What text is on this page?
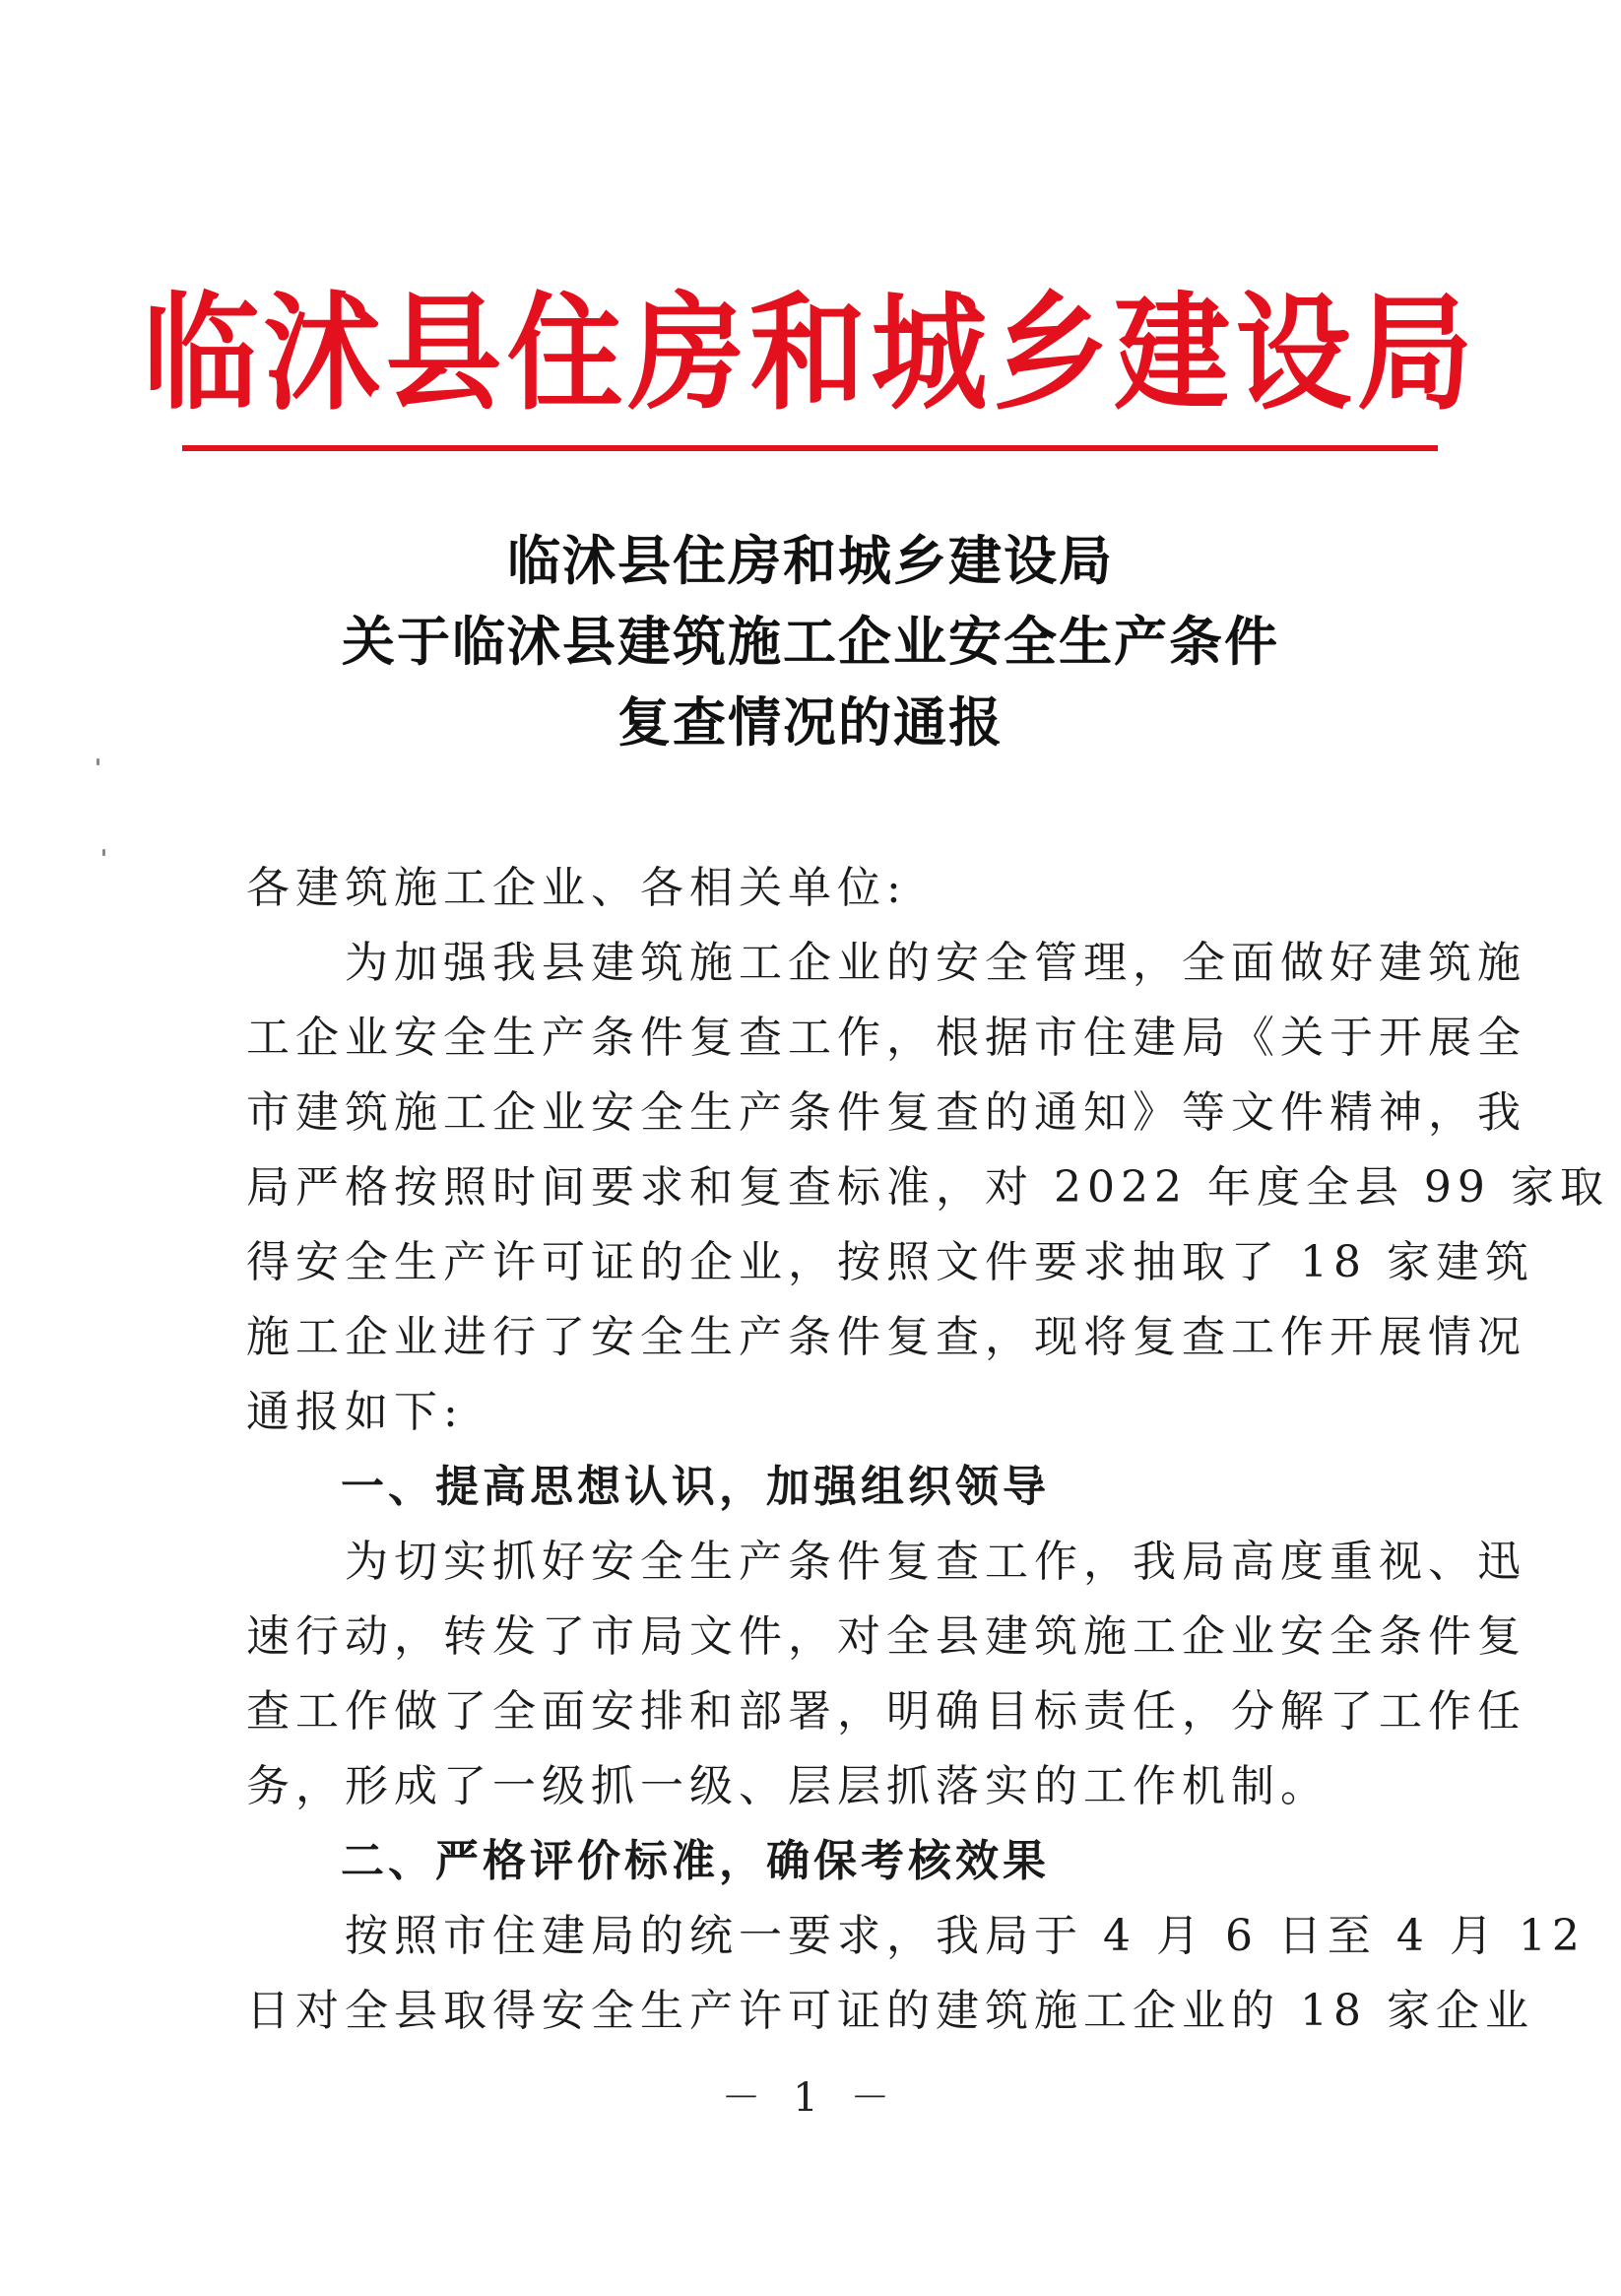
临沭县住房和城乡建设局
临沭县住房和城乡建设局
关于临沭县建筑施工企业安全生产条件
复查情况的通报
各建筑施工企业、各相关单位:
　　为加强我县建筑施工企业的安全管理，全面做好建筑施
工企业安全生产条件复查工作，根据市住建局《关于开展全
市建筑施工企业安全生产条件复查的通知》等文件精神，我
局严格按照时间要求和复查标准，对 2022 年度全县 99 家取
得安全生产许可证的企业，按照文件要求抽取了 18 家建筑
施工企业进行了安全生产条件复查，现将复查工作开展情况
通报如下:
　　一、提高思想认识，加强组织领导
　　为切实抓好安全生产条件复查工作，我局高度重视、迅
速行动，转发了市局文件，对全县建筑施工企业安全条件复
查工作做了全面安排和部署，明确目标责任，分解了工作任
务，形成了一级抓一级、层层抓落实的工作机制。
　　二、严格评价标准，确保考核效果
　　按照市住建局的统一要求，我局于 4 月 6 日至 4 月 12
日对全县取得安全生产许可证的建筑施工企业的 18 家企业
－ 1 －
